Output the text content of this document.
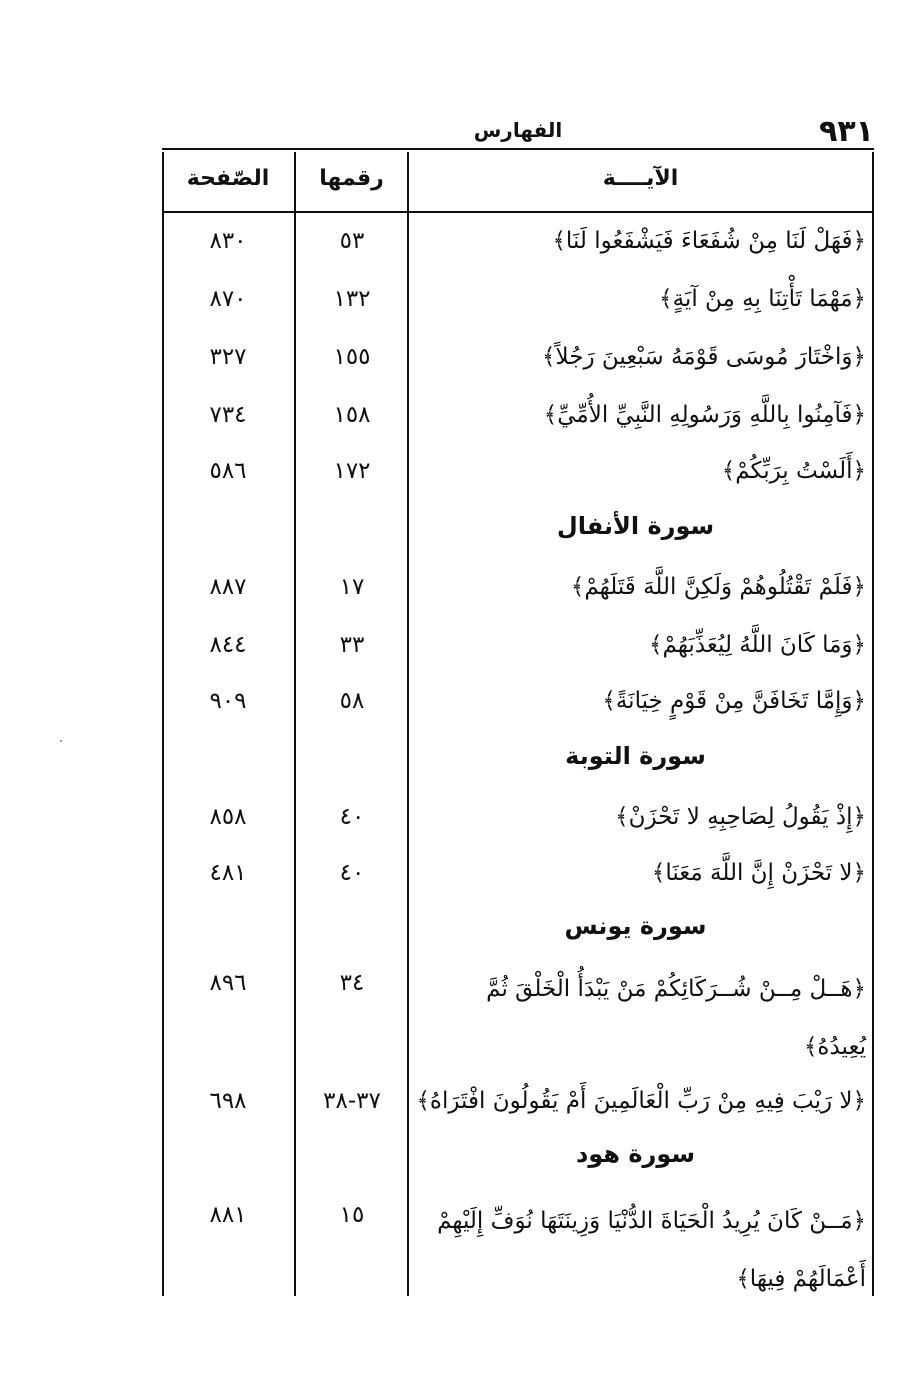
٩٣١
الفهارس
الآيــــة
رقمها
الصّفحة
﴿فَهَلْ لَنَا مِنْ شُفَعَاءَ فَيَشْفَعُوا لَنَا﴾
٥٣
٨٣٠
﴿مَهْمَا تَأْتِنَا بِهِ مِنْ آيَةٍ﴾
١٣٢
٨٧٠
﴿وَاخْتَارَ مُوسَى قَوْمَهُ سَبْعِينَ رَجُلاً﴾
١٥٥
٣٢٧
﴿فَآمِنُوا بِاللَّهِ وَرَسُولِهِ النَّبِيِّ الأُمِّيِّ﴾
١٥٨
٧٣٤
﴿أَلَسْتُ بِرَبِّكُمْ﴾
١٧٢
٥٨٦
سورة الأنفال
﴿فَلَمْ تَقْتُلُوهُمْ وَلَكِنَّ اللَّهَ قَتَلَهُمْ﴾
١٧
٨٨٧
﴿وَمَا كَانَ اللَّهُ لِيُعَذِّبَهُمْ﴾
٣٣
٨٤٤
﴿وَإِمَّا تَخَافَنَّ مِنْ قَوْمٍ خِيَانَةً﴾
٥٨
٩٠٩
سورة التوبة
﴿إِذْ يَقُولُ لِصَاحِبِهِ لا تَحْزَنْ﴾
٤٠
٨٥٨
﴿لا تَحْزَنْ إِنَّ اللَّهَ مَعَنَا﴾
٤٠
٤٨١
سورة يونس
﴿هَــلْ مِــنْ شُــرَكَائِكُمْ مَنْ يَبْدَأُ الْخَلْقَ ثُمَّ يُعِيدُهُ﴾
٣٤
٨٩٦
﴿لا رَيْبَ فِيهِ مِنْ رَبِّ الْعَالَمِينَ أَمْ يَقُولُونَ افْتَرَاهُ﴾
٣٧-٣٨
٦٩٨
سورة هود
﴿مَــنْ كَانَ يُرِيدُ الْحَيَاةَ الدُّنْيَا وَزِينَتَهَا نُوَفِّ إِلَيْهِمْ أَعْمَالَهُمْ فِيهَا﴾
١٥
٨٨١
